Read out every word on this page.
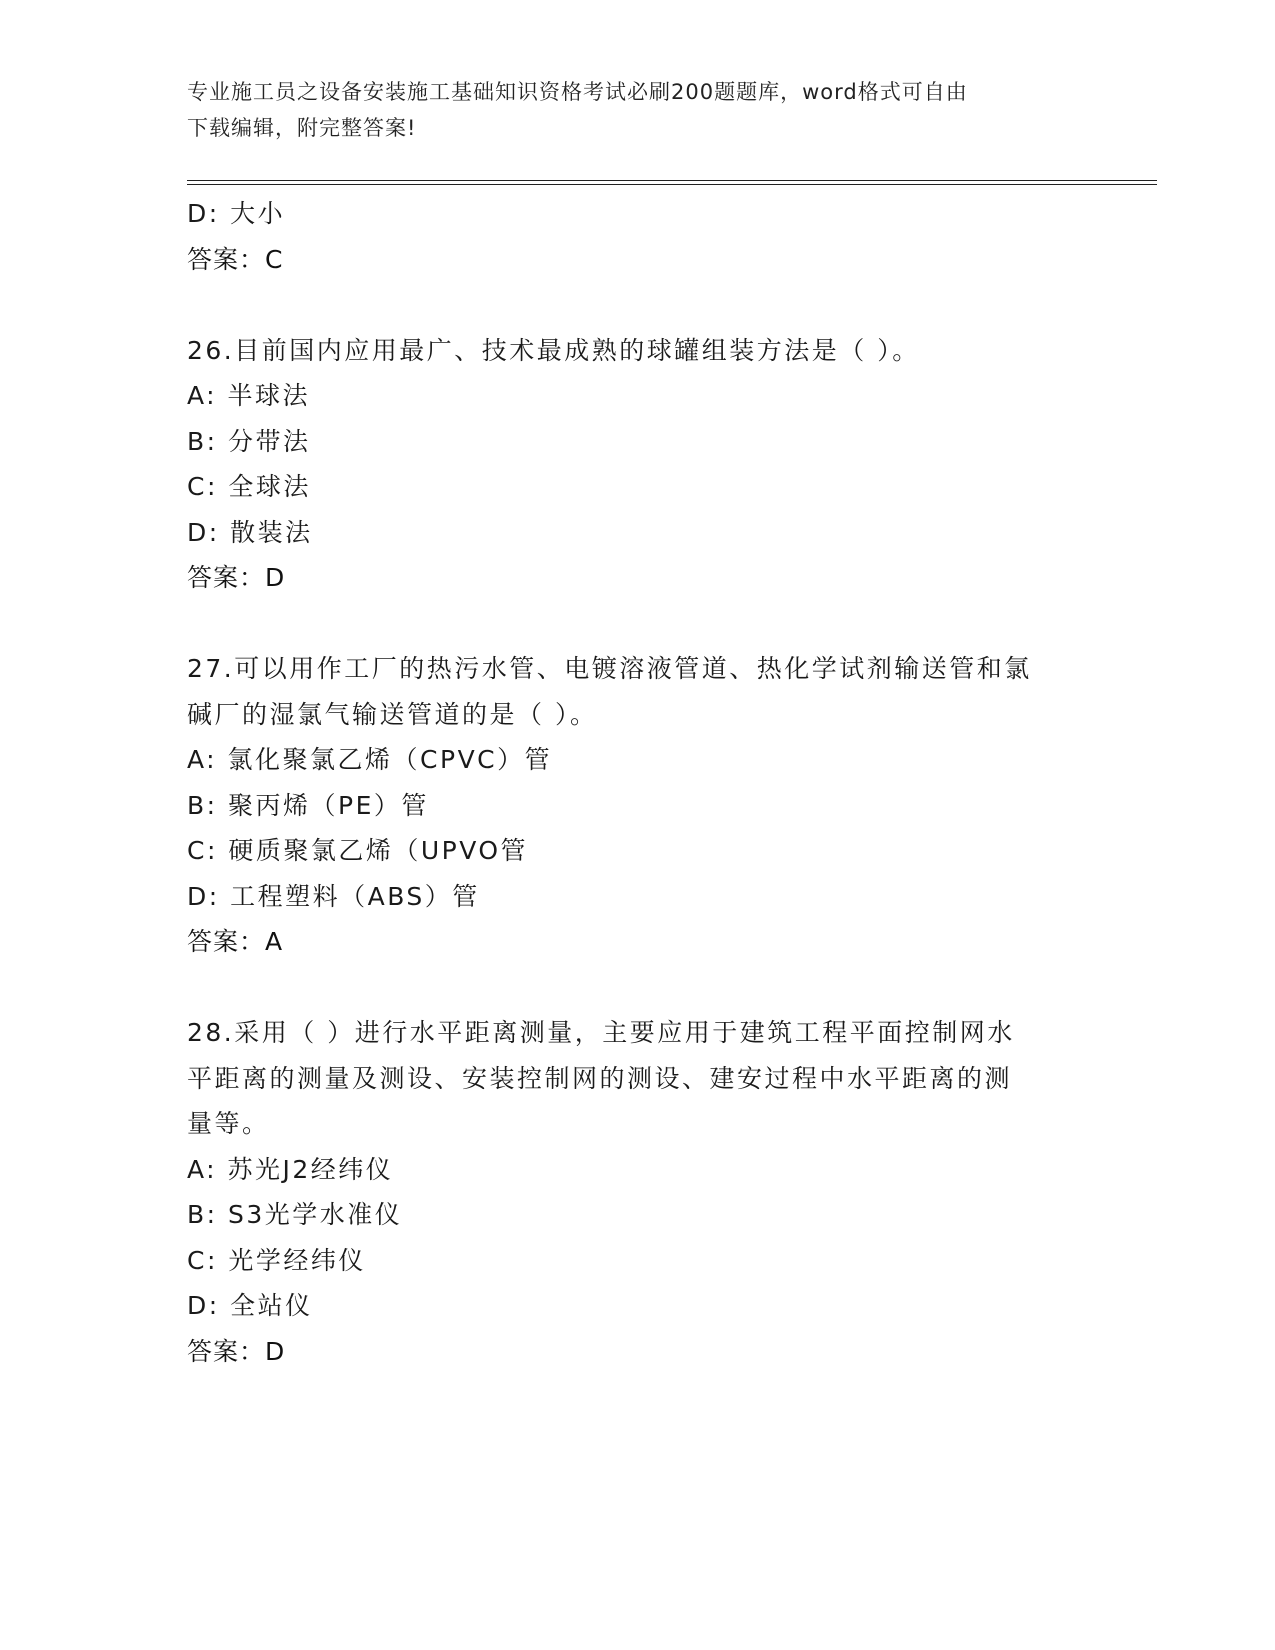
专业施工员之设备安装施工基础知识资格考试必刷200题题库，word格式可自由
下载编辑，附完整答案!
D: 大小
答案：C
26.目前国内应用最广、技术最成熟的球罐组装方法是（ ）。
A: 半球法
B: 分带法
C: 全球法
D: 散装法
答案：D
27.可以用作工厂的热污水管、电镀溶液管道、热化学试剂输送管和氯
碱厂的湿氯气输送管道的是（ ）。
A: 氯化聚氯乙烯（CPVC）管
B: 聚丙烯（PE）管
C: 硬质聚氯乙烯（UPVO管
D: 工程塑料（ABS）管
答案：A
28.采用（ ）进行水平距离测量，主要应用于建筑工程平面控制网水
平距离的测量及测设、安装控制网的测设、建安过程中水平距离的测
量等。
A: 苏光J2经纬仪
B: S3光学水准仪
C: 光学经纬仪
D: 全站仪
答案：D
